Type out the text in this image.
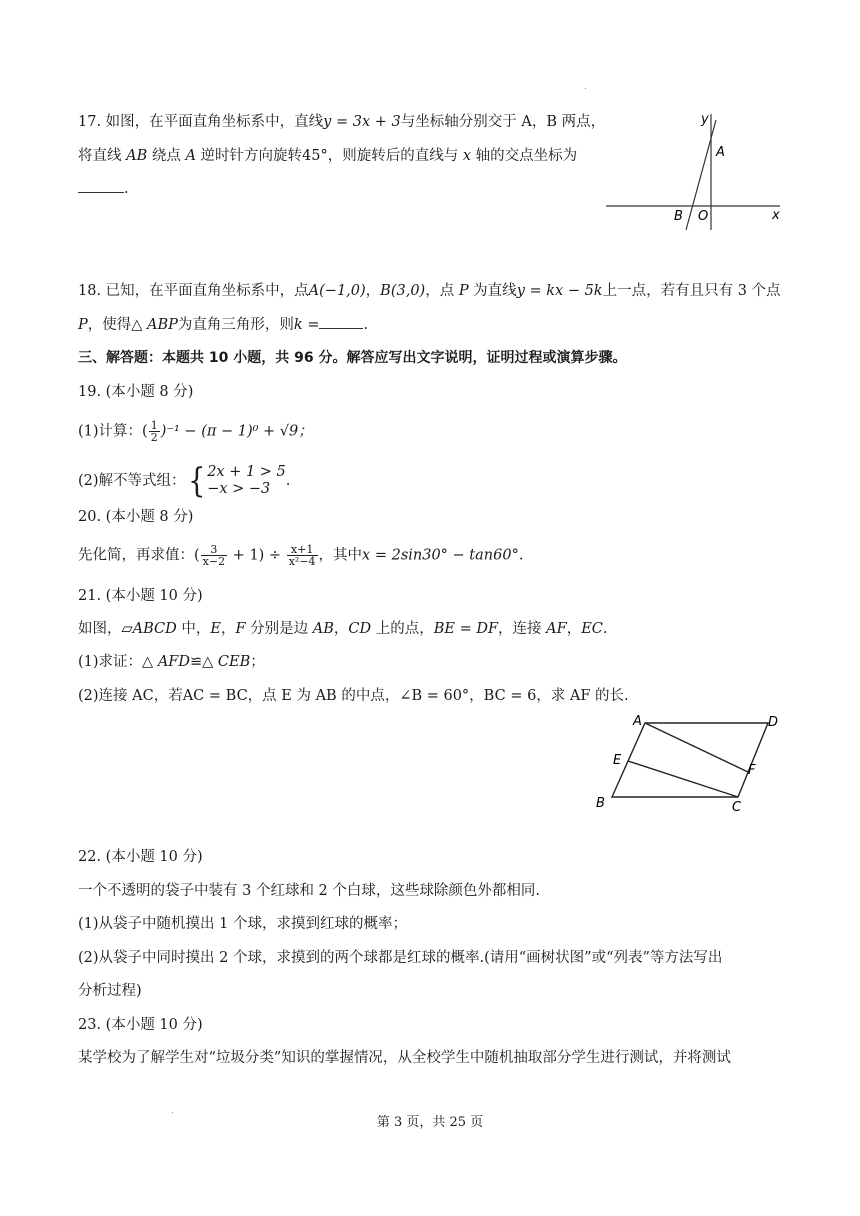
17. 如图，在平面直角坐标系中，直线y = 3x + 3与坐标轴分别交于 A，B 两点，
将直线 AB 绕点 A 逆时针方向旋转45°，则旋转后的直线与 x 轴的交点坐标为
.
y
x
A
B O
18. 已知，在平面直角坐标系中，点A(−1,0)，B(3,0)，点 P 为直线y = kx − 5k上一点，若有且只有 3 个点
P，使得△ ABP为直角三角形，则k =	.
三、解答题：本题共 10 小题，共 96 分。解答应写出文字说明，证明过程或演算步骤。
19. (本小题 8 分)
(1)计算：( $\frac{1}{2} )^{-1} - (\pi - 1)^0 + √9$；
(2)解不等式组：{ 2x + 1 > 5
−x > −3 .
20. (本小题 8 分)
先化简，再求值：( $\frac{3}{x-2} + 1) \div \frac{x+1}{\text{x²−4}}$ ，其中x = 2sin30° − tan60°.
21. (本小题 10 分)
如图，▱ABCD 中，E，F 分别是边 AB，CD 上的点，BE = DF，连接 AF，EC.
(1)求证：△ AFD≌△ CEB；
(2)连接 AC，若AC = BC，点 E 为 AB 的中点，∠B = 60°，BC = 6，求 AF 的长.
A	D
E
F
B	C
22. (本小题 10 分)
一个不透明的袋子中装有 3 个红球和 2 个白球，这些球除颜色外都相同.
(1)从袋子中随机摸出 1 个球，求摸到红球的概率；
(2)从袋子中同时摸出 2 个球，求摸到的两个球都是红球的概率.(请用“画树状图”或“列表”等方法写出
分析过程)
23. (本小题 10 分)
某学校为了解学生对“垃圾分类”知识的掌握情况，从全校学生中随机抽取部分学生进行测试，并将测试
第 3 页，共 25 页
